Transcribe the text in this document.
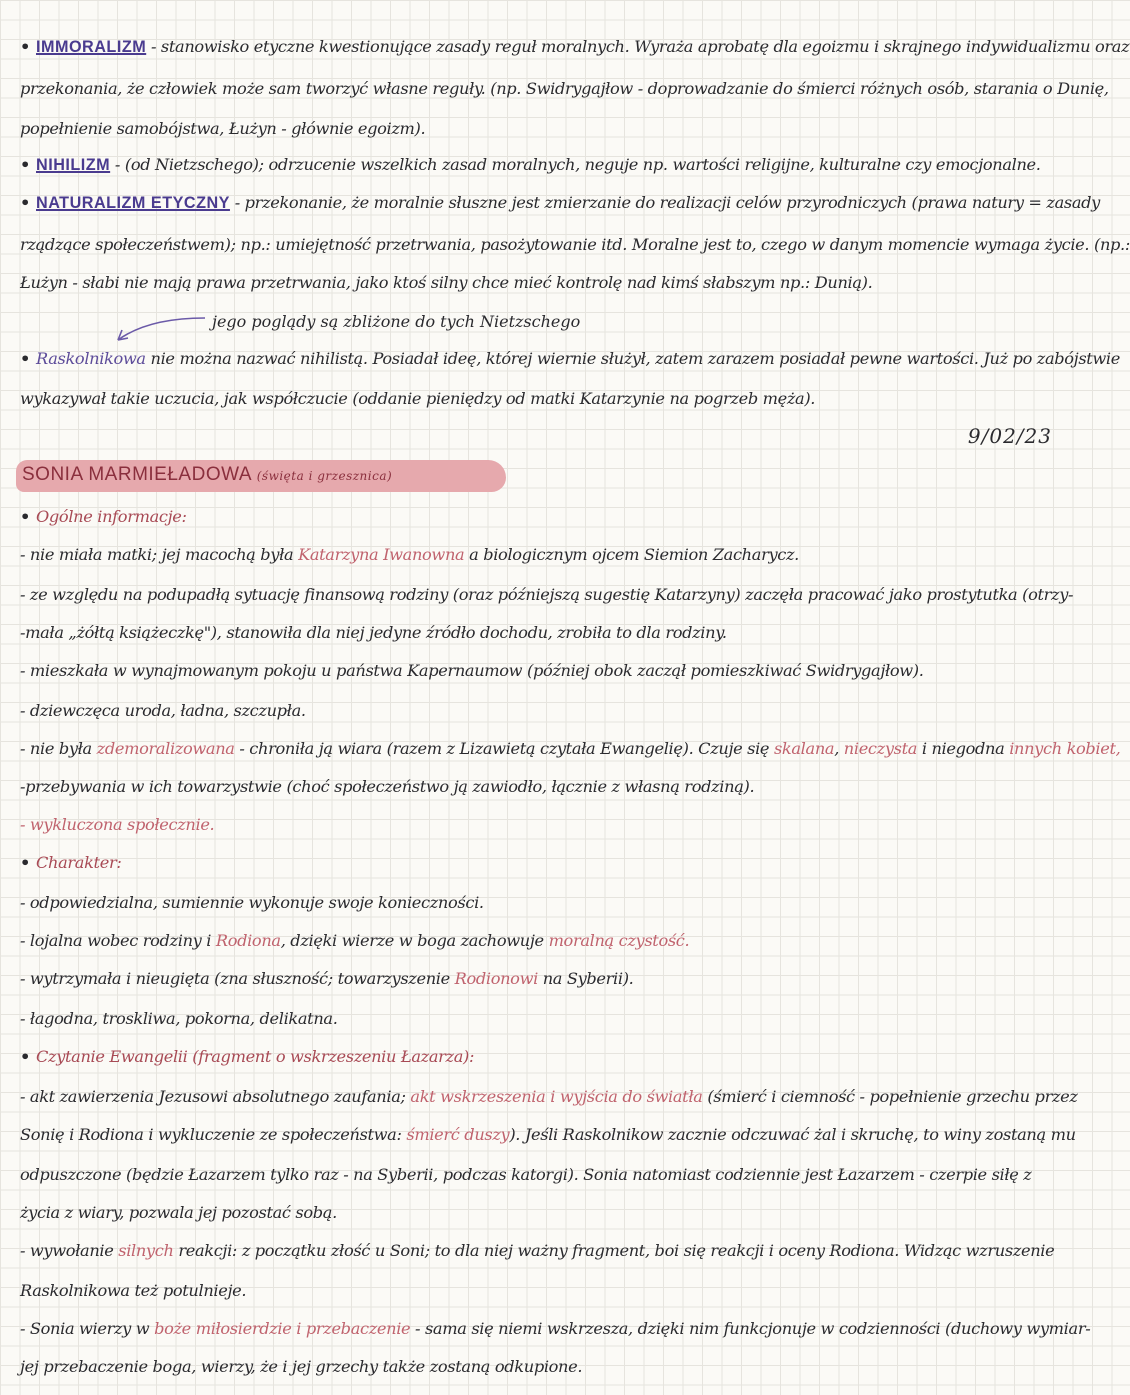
• IMMORALIZM - stanowisko etyczne kwestionujące zasady reguł moralnych. Wyraża aprobatę dla egoizmu i skrajnego indywidualizmu oraz
przekonania, że człowiek może sam tworzyć własne reguły. (np. Swidrygajłow - doprowadzanie do śmierci różnych osób, starania o Dunię,
popełnienie samobójstwa, Łużyn - głównie egoizm).
• NIHILIZM - (od Nietzschego); odrzucenie wszelkich zasad moralnych, neguje np. wartości religijne, kulturalne czy emocjonalne.
• NATURALIZM ETYCZNY - przekonanie, że moralnie słuszne jest zmierzanie do realizacji celów przyrodniczych (prawa natury = zasady
rządzące społeczeństwem); np.: umiejętność przetrwania, pasożytowanie itd. Moralne jest to, czego w danym momencie wymaga życie. (np.:
Łużyn - słabi nie mają prawa przetrwania, jako ktoś silny chce mieć kontrolę nad kimś słabszym np.: Dunią).
jego poglądy są zbliżone do tych Nietzschego
• Raskolnikowa nie można nazwać nihilistą. Posiadał ideę, której wiernie służył, zatem zarazem posiadał pewne wartości. Już po zabójstwie
wykazywał takie uczucia, jak współczucie (oddanie pieniędzy od matki Katarzynie na pogrzeb męża).
9/02/23
SONIA MARMIEŁADOWA (święta i grzesznica)
• Ogólne informacje:
- nie miała matki; jej macochą była Katarzyna Iwanowna a biologicznym ojcem Siemion Zacharycz.
- ze względu na podupadłą sytuację finansową rodziny (oraz późniejszą sugestię Katarzyny) zaczęła pracować jako prostytutka (otrzy-
-mała „żółtą książeczkę"), stanowiła dla niej jedyne źródło dochodu, zrobiła to dla rodziny.
- mieszkała w wynajmowanym pokoju u państwa Kapernaumow (później obok zaczął pomieszkiwać Swidrygajłow).
- dziewczęca uroda, ładna, szczupła.
- nie była zdemoralizowana - chroniła ją wiara (razem z Lizawietą czytała Ewangelię). Czuje się skalana, nieczysta i niegodna innych kobiet,
-przebywania w ich towarzystwie (choć społeczeństwo ją zawiodło, łącznie z własną rodziną).
- wykluczona społecznie.
• Charakter:
- odpowiedzialna, sumiennie wykonuje swoje konieczności.
- lojalna wobec rodziny i Rodiona, dzięki wierze w boga zachowuje moralną czystość.
- wytrzymała i nieugięta (zna słuszność; towarzyszenie Rodionowi na Syberii).
- łagodna, troskliwa, pokorna, delikatna.
• Czytanie Ewangelii (fragment o wskrzeszeniu Łazarza):
- akt zawierzenia Jezusowi absolutnego zaufania; akt wskrzeszenia i wyjścia do światła (śmierć i ciemność - popełnienie grzechu przez
Sonię i Rodiona i wykluczenie ze społeczeństwa: śmierć duszy). Jeśli Raskolnikow zacznie odczuwać żal i skruchę, to winy zostaną mu
odpuszczone (będzie Łazarzem tylko raz - na Syberii, podczas katorgi). Sonia natomiast codziennie jest Łazarzem - czerpie siłę z
życia z wiary, pozwala jej pozostać sobą.
- wywołanie silnych reakcji: z początku złość u Soni; to dla niej ważny fragment, boi się reakcji i oceny Rodiona. Widząc wzruszenie
Raskolnikowa też potulnieje.
- Sonia wierzy w boże miłosierdzie i przebaczenie - sama się niemi wskrzesza, dzięki nim funkcjonuje w codzienności (duchowy wymiar-
jej przebaczenie boga, wierzy, że i jej grzechy także zostaną odkupione.
